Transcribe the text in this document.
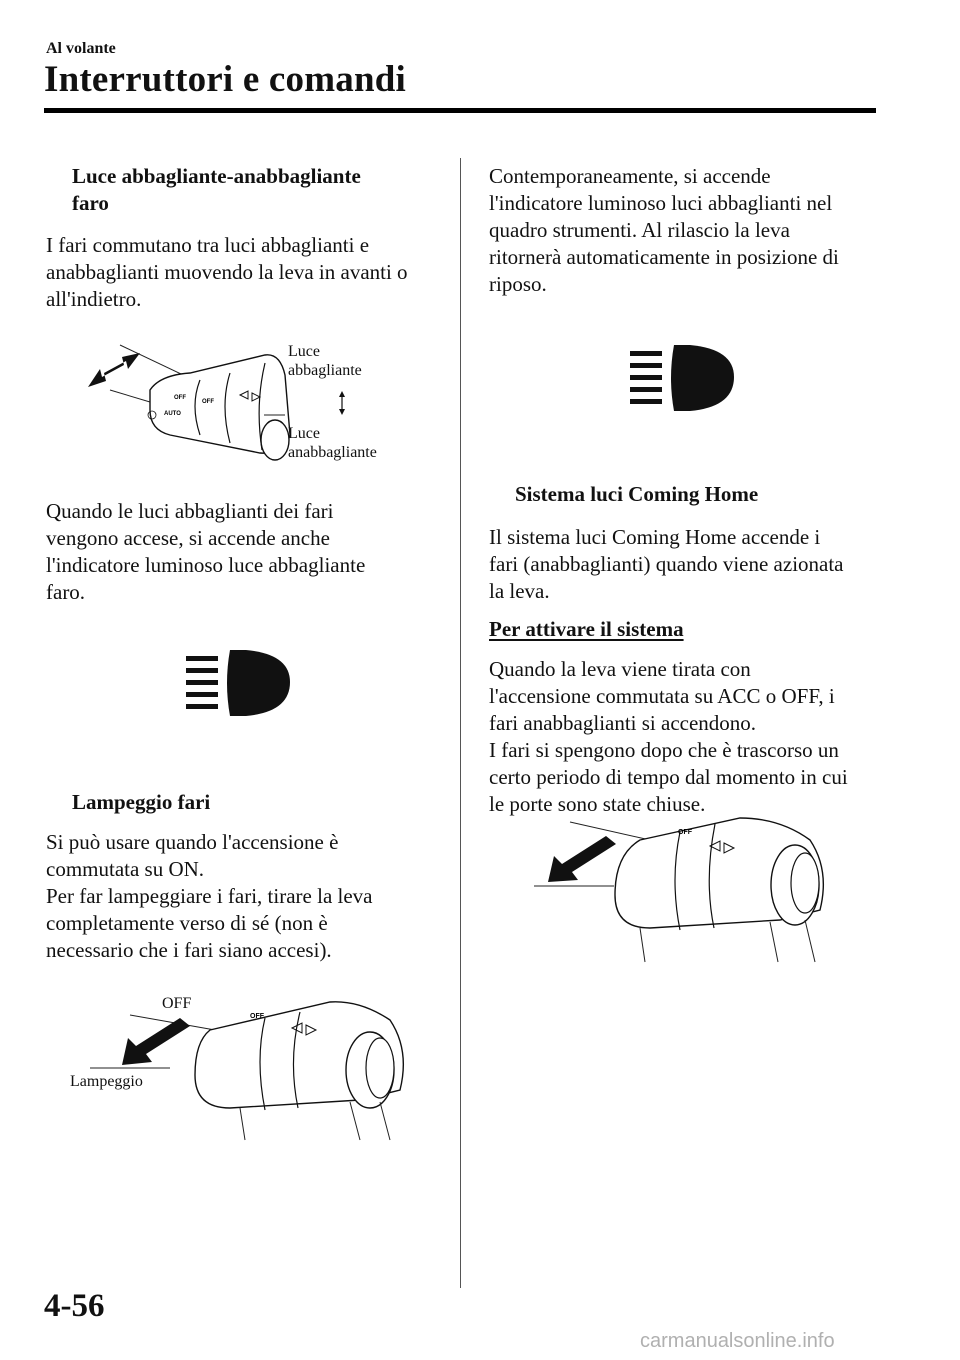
Al volante
Interruttori e comandi
Luce abbagliante-anabbagliante
faro
I fari commutano tra luci abbaglianti e
anabbaglianti muovendo la leva in avanti o
all'indietro.
OFF
AUTO
OFF
Luce
abbagliante
Luce
anabbagliante
Quando le luci abbaglianti dei fari
vengono accese, si accende anche
l'indicatore luminoso luce abbagliante
faro.
Lampeggio fari
Si può usare quando l'accensione è
commutata su ON.
Per far lampeggiare i fari, tirare la leva
completamente verso di sé (non è
necessario che i fari siano accesi).
OFF
OFF
Lampeggio
Contemporaneamente, si accende
l'indicatore luminoso luci abbaglianti nel
quadro strumenti. Al rilascio la leva
ritornerà automaticamente in posizione di
riposo.
Sistema luci Coming Home
Il sistema luci Coming Home accende i
fari (anabbaglianti) quando viene azionata
la leva.
Per attivare il sistema
Quando la leva viene tirata con
l'accensione commutata su ACC o OFF, i
fari anabbaglianti si accendono.
I fari si spengono dopo che è trascorso un
certo periodo di tempo dal momento in cui
le porte sono state chiuse.
OFF
4-56
carmanualsonline.info
